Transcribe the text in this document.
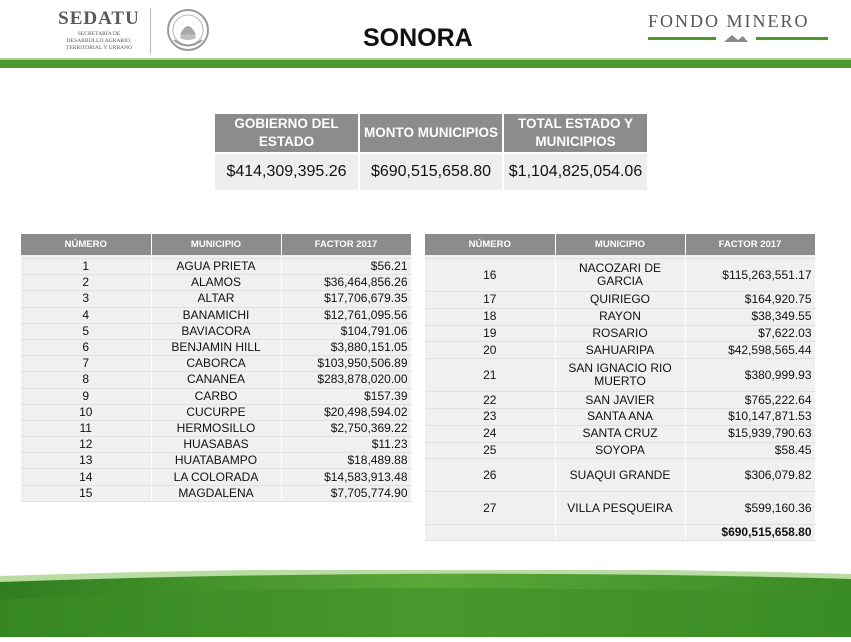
SEDATU
SECRETARÍA DE
DESARROLLO AGRARIO,
TERRITORIAL Y URBANO	SONORA
FONDO MINERO
GOBIERNO DEL ESTADO	MONTO MUNICIPIOS	TOTAL ESTADO Y MUNICIPIOS
$414,309,395.26	$690,515,658.80	$1,104,825,054.06
NÚMERO	MUNICIPIO	FACTOR 2017

1	AGUA PRIETA	$56.21
2	ALAMOS	$36,464,856.26
3	ALTAR	$17,706,679.35
4	BANAMICHI	$12,761,095.56
5	BAVIACORA	$104,791.06
6	BENJAMIN HILL	$3,880,151.05
7	CABORCA	$103,950,506.89
8	CANANEA	$283,878,020.00
9	CARBO	$157.39
10	CUCURPE	$20,498,594.02
11	HERMOSILLO	$2,750,369.22
12	HUASABAS	$11.23
13	HUATABAMPO	$18,489.88
14	LA COLORADA	$14,583,913.48
15	MAGDALENA	$7,705,774.90
NÚMERO	MUNICIPIO	FACTOR 2017

16	NACOZARI DE GARCIA	$115,263,551.17
17	QUIRIEGO	$164,920.75
18	RAYON	$38,349.55
19	ROSARIO	$7,622.03
20	SAHUARIPA	$42,598,565.44
21	SAN IGNACIO RIO MUERTO	$380,999.93
22	SAN JAVIER	$765,222.64
23	SANTA ANA	$10,147,871.53
24	SANTA CRUZ	$15,939,790.63
25	SOYOPA	$58.45
26	SUAQUI GRANDE	$306,079.82
27	VILLA PESQUEIRA	$599,160.36
		$690,515,658.80
